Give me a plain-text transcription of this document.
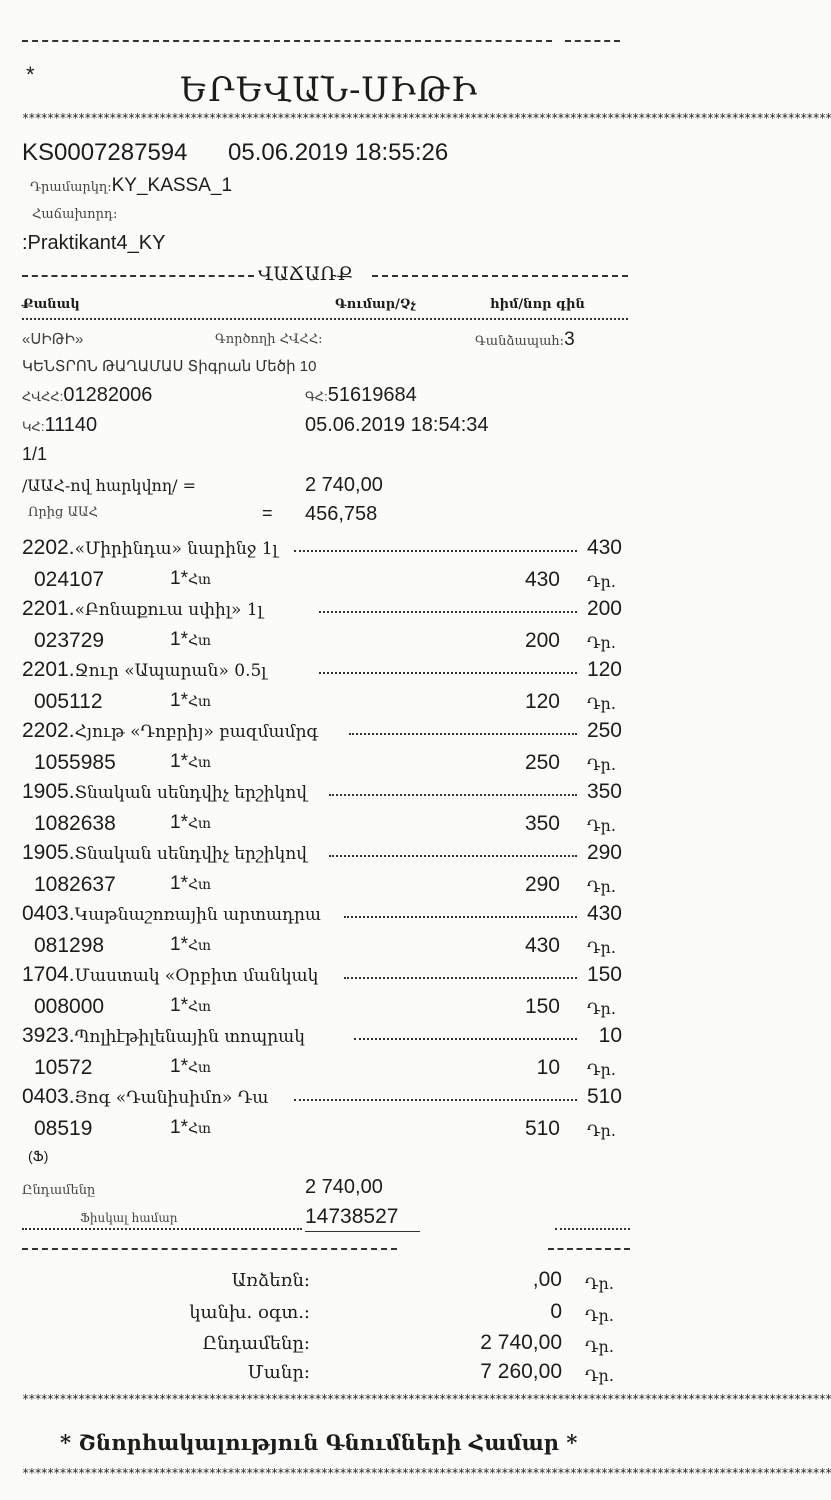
*	ԵՐԵՎԱՆ-ՍԻԹԻ
**********************************************************************************************************************************
KS0007287594 05.06.2019 18:55:26
Դրամարկղ:KY_KASSA_1
Հաճախորդ:
:Praktikant4_KY
ՎԱՃԱՌՔ
Քանակ	Գումար/Չչ	հիմ/նոր գին
«ՍԻԹԻ»	Գործողի ՀՎՀՀ:	Գանձապահ:3
ԿԵՆՏՐՈՆ ԹԱՂԱՄԱՍ Տիգրան Մեծի 10
ՀՎՀՀ:01282006	ԳՀ:51619684
ԿՀ:11140	05.06.2019 18:54:34
1/1
/ԱԱՀ-ով հարկվող/ =	2 740,00
Որից ԱԱՀ	= 456,758
2202.«Միրինդա» նարինջ 1լ	430
024107	1*Հտ	430 Դր.
2201.«Բոնաքուա սփիլ» 1լ	200
023729	1*Հտ	200 Դր.
2201.Ջուր «Ապարան» 0.5լ	120
005112	1*Հտ	120 Դր.
2202.Հյութ «Դոբրիյ» բազմամրգ	250
1055985	1*Հտ	250 Դր.
1905.Տնական սենդվիչ երշիկով	350
1082638	1*Հտ	350 Դր.
1905.Տնական սենդվիչ երշիկով	290
1082637	1*Հտ	290 Դր.
0403.Կաթնաշոռային արտադրա	430
081298	1*Հտ	430 Դր.
1704.Մաստակ «Օրբիտ մանկակ	150
008000	1*Հտ	150 Դր.
3923.Պոլիէթիլենային տոպրակ	10
10572	1*Հտ	10 Դր.
0403.Յոգ «Դանիսիմո» Դա	510
08519	1*Հտ	510 Դր.
(Ֆ)
Ընդամենը	2 740,00
Ֆիսկալ համար	14738527
Առձեռն:	,00 Դր.
կանխ. օգտ.:	0 Դր.
Ընդամենը:	2 740,00 Դր.
Մանր:	7 260,00 Դր.
**********************************************************************************************************************************
* Շնորհակալություն Գնումների Համար *
**********************************************************************************************************************************
